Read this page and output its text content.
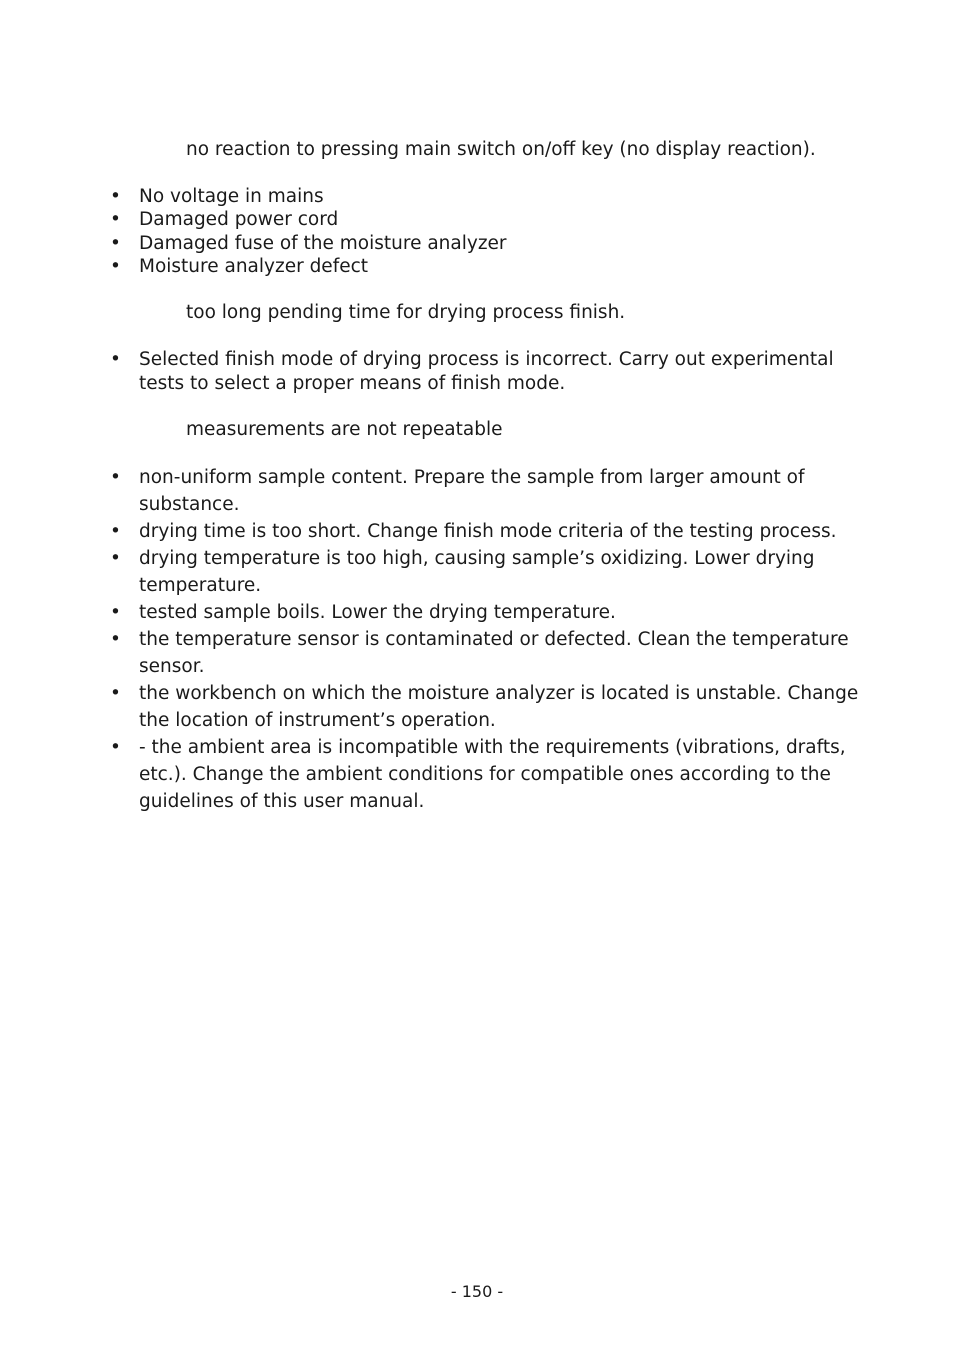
no reaction to pressing main switch on/off key (no display reaction).

• No voltage in mains
• Damaged power cord
• Damaged fuse of the moisture analyzer
• Moisture analyzer defect

too long pending time for drying process finish.

• Selected finish mode of drying process is incorrect. Carry out experimental tests to select a proper means of finish mode.

measurements are not repeatable

• non-uniform sample content. Prepare the sample from larger amount of substance.
• drying time is too short. Change finish mode criteria of the testing process.
• drying temperature is too high, causing sample’s oxidizing. Lower drying temperature.
• tested sample boils. Lower the drying temperature.
• the temperature sensor is contaminated or defected. Clean the temperature sensor.
• the workbench on which the moisture analyzer is located is unstable. Change the location of instrument’s operation.
• - the ambient area is incompatible with the requirements (vibrations, drafts, etc.). Change the ambient conditions for compatible ones according to the guidelines of this user manual.
- 150 -
